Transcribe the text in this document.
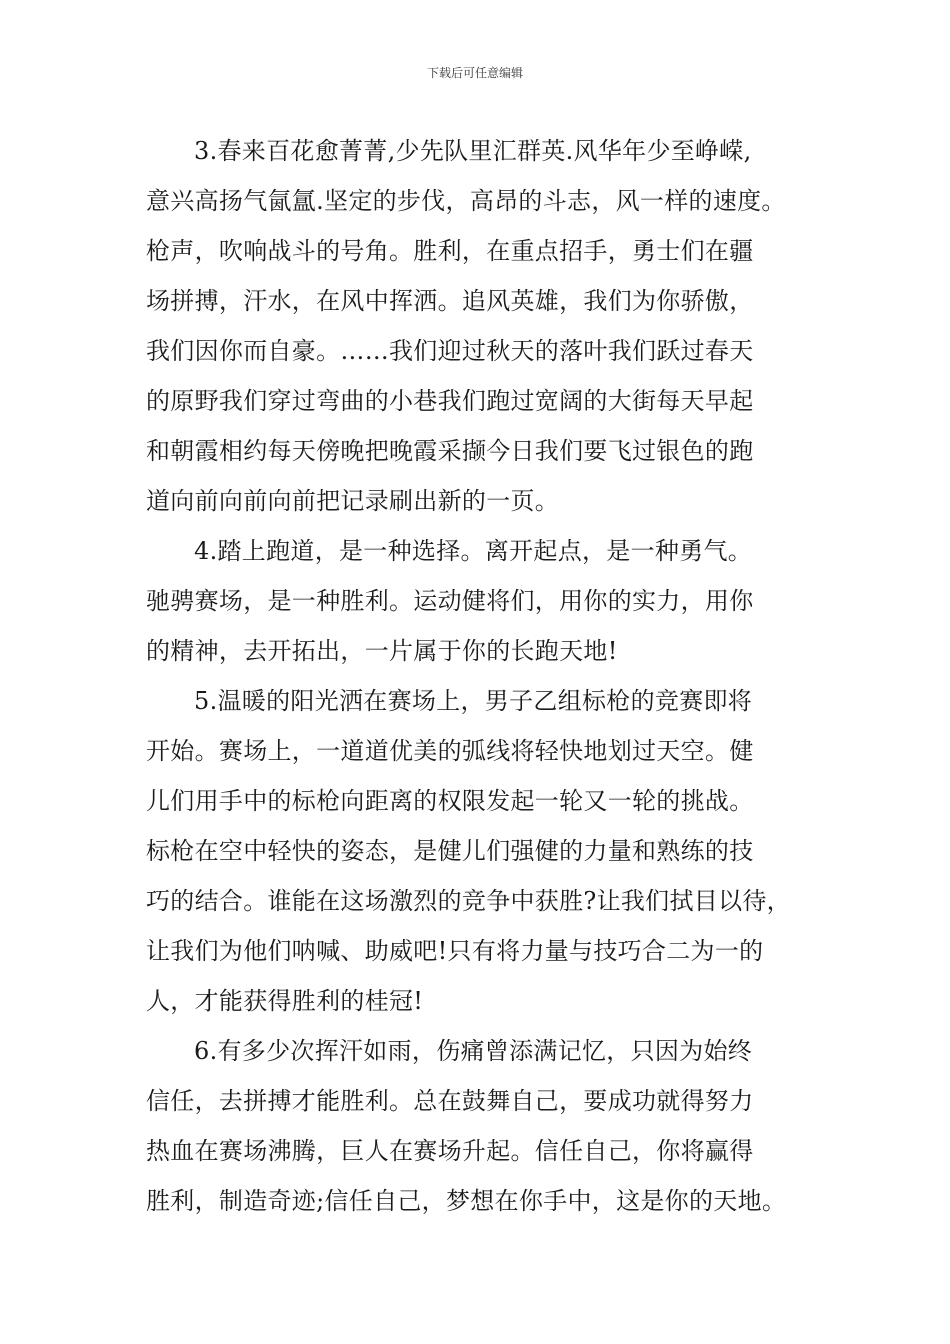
下载后可任意编辑
3.春来百花愈菁菁,少先队里汇群英.风华年少至峥嵘,
意兴高扬气氤氲.坚定的步伐，高昂的斗志，风一样的速度。
枪声，吹响战斗的号角。胜利，在重点招手，勇士们在疆
场拼搏，汗水，在风中挥洒。追风英雄，我们为你骄傲，
我们因你而自豪。……我们迎过秋天的落叶我们跃过春天
的原野我们穿过弯曲的小巷我们跑过宽阔的大街每天早起
和朝霞相约每天傍晚把晚霞采撷今日我们要飞过银色的跑
道向前向前向前把记录刷出新的一页。
4.踏上跑道，是一种选择。离开起点，是一种勇气。
驰骋赛场，是一种胜利。运动健将们，用你的实力，用你
的精神，去开拓出，一片属于你的长跑天地!
5.温暖的阳光洒在赛场上，男子乙组标枪的竞赛即将
开始。赛场上，一道道优美的弧线将轻快地划过天空。健
儿们用手中的标枪向距离的权限发起一轮又一轮的挑战。
标枪在空中轻快的姿态，是健儿们强健的力量和熟练的技
巧的结合。谁能在这场激烈的竞争中获胜?让我们拭目以待，
让我们为他们呐喊、助威吧!只有将力量与技巧合二为一的
人，才能获得胜利的桂冠!
6.有多少次挥汗如雨，伤痛曾添满记忆，只因为始终
信任，去拼搏才能胜利。总在鼓舞自己，要成功就得努力
热血在赛场沸腾，巨人在赛场升起。信任自己，你将赢得
胜利，制造奇迹;信任自己，梦想在你手中，这是你的天地。
